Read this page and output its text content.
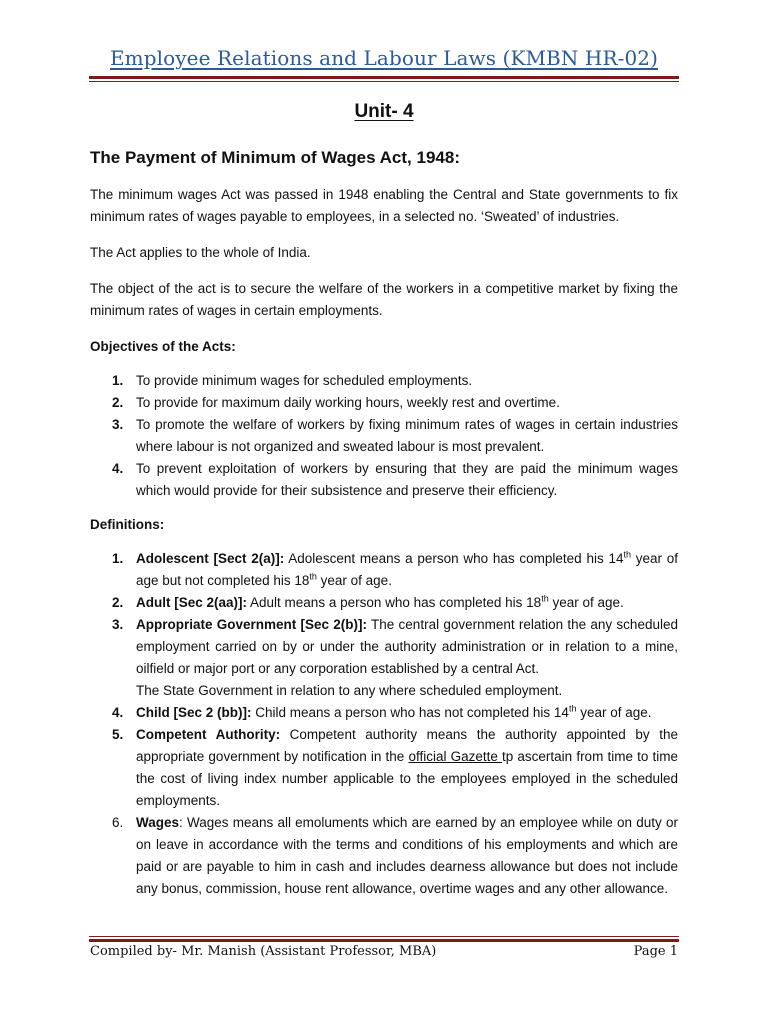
Employee Relations and Labour Laws (KMBN HR-02)
Unit- 4
The Payment of Minimum of Wages Act, 1948:

The minimum wages Act was passed in 1948 enabling the Central and State governments to fix minimum rates of wages payable to employees, in a selected no. ‘Sweated’ of industries.

The Act applies to the whole of India.

The object of the act is to secure the welfare of the workers in a competitive market by fixing the minimum rates of wages in certain employments.

Objectives of the Acts:

1. To provide minimum wages for scheduled employments.
2. To provide for maximum daily working hours, weekly rest and overtime.
3. To promote the welfare of workers by fixing minimum rates of wages in certain industries where labour is not organized and sweated labour is most prevalent.
4. To prevent exploitation of workers by ensuring that they are paid the minimum wages which would provide for their subsistence and preserve their efficiency.

Definitions:

1. Adolescent [Sect 2(a)]: Adolescent means a person who has completed his 14th year of age but not completed his 18th year of age.
2. Adult [Sec 2(aa)]: Adult means a person who has completed his 18th year of age.
3. Appropriate Government [Sec 2(b)]: The central government relation the any scheduled employment carried on by or under the authority administration or in relation to a mine, oilfield or major port or any corporation established by a central Act.
The State Government in relation to any where scheduled employment.
4. Child [Sec 2 (bb)]: Child means a person who has not completed his 14th year of age.
5. Competent Authority: Competent authority means the authority appointed by the appropriate government by notification in the official Gazette tp ascertain from time to time the cost of living index number applicable to the employees employed in the scheduled employments.
6. Wages: Wages means all emoluments which are earned by an employee while on duty or on leave in accordance with the terms and conditions of his employments and which are paid or are payable to him in cash and includes dearness allowance but does not include any bonus, commission, house rent allowance, overtime wages and any other allowance.
Compiled by- Mr. Manish (Assistant Professor, MBA)	Page 1
